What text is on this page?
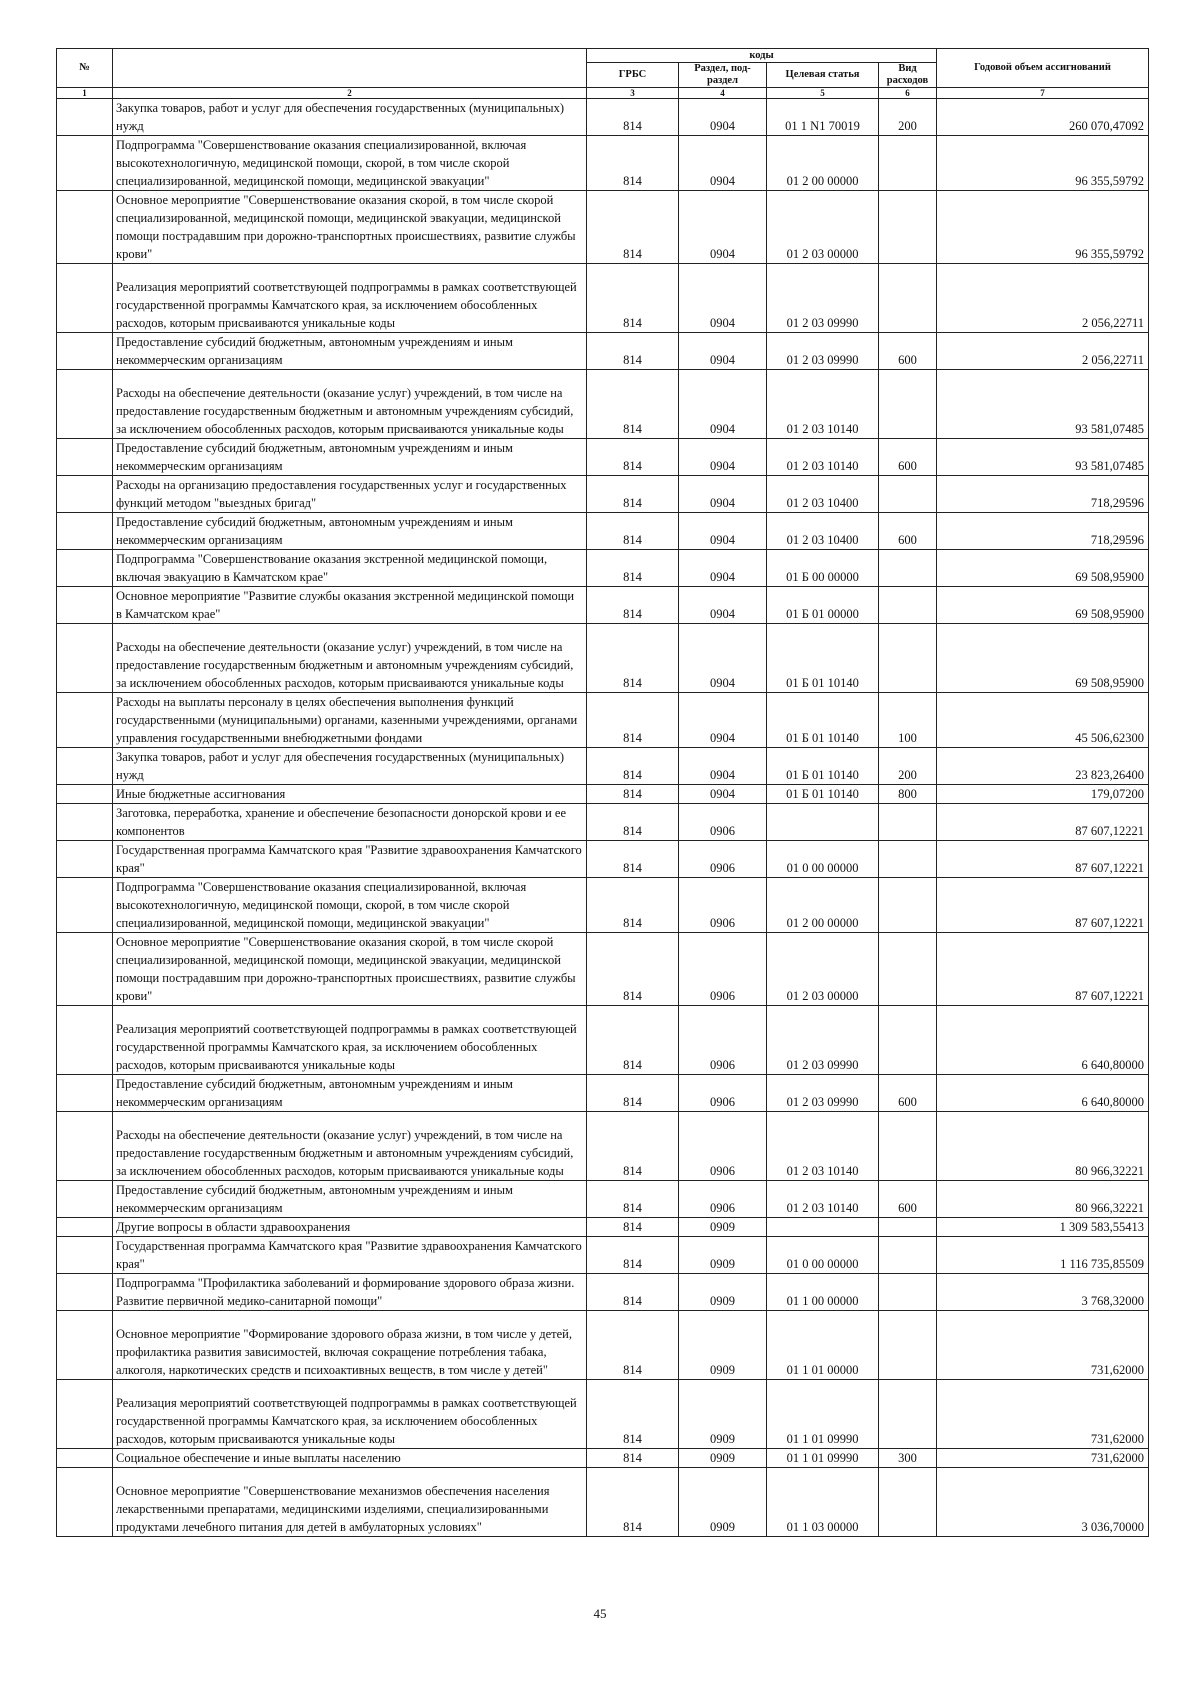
№		коды				Годовой объем ассигнований
		ГРБС	Раздел, под-раздел	Целевая статья	Вид расходов	
1	2	3	4	5	6	7
	Закупка товаров, работ и услуг для обеспечения государственных (муниципальных) нужд	814	0904	01 1 N1 70019	200	260 070,47092
	Подпрограмма "Совершенствование оказания специализированной, включая высокотехнологичную, медицинской помощи, скорой, в том числе скорой специализированной, медицинской помощи, медицинской эвакуации"	814	0904	01 2 00 00000		96 355,59792
	Основное мероприятие "Совершенствование оказания скорой, в том числе скорой специализированной, медицинской помощи, медицинской эвакуации, медицинской помощи пострадавшим при дорожно-транспортных происшествиях, развитие службы крови"	814	0904	01 2 03 00000		96 355,59792
	Реализация мероприятий соответствующей подпрограммы в рамках соответствующей государственной программы Камчатского края, за исключением обособленных расходов, которым присваиваются уникальные коды	814	0904	01 2 03 09990		2 056,22711
	Предоставление субсидий бюджетным, автономным учреждениям и иным некоммерческим организациям	814	0904	01 2 03 09990	600	2 056,22711
	Расходы на обеспечение деятельности (оказание услуг) учреждений, в том числе на предоставление государственным бюджетным и автономным учреждениям субсидий, за исключением обособленных расходов, которым присваиваются уникальные коды	814	0904	01 2 03 10140		93 581,07485
	Предоставление субсидий бюджетным, автономным учреждениям и иным некоммерческим организациям	814	0904	01 2 03 10140	600	93 581,07485
	Расходы на организацию предоставления государственных услуг и государственных функций методом "выездных бригад"	814	0904	01 2 03 10400		718,29596
	Предоставление субсидий бюджетным, автономным учреждениям и иным некоммерческим организациям	814	0904	01 2 03 10400	600	718,29596
	Подпрограмма "Совершенствование оказания экстренной медицинской помощи, включая эвакуацию в Камчатском крае"	814	0904	01 Б 00 00000		69 508,95900
	Основное мероприятие "Развитие службы оказания экстренной медицинской помощи в Камчатском крае"	814	0904	01 Б 01 00000		69 508,95900
	Расходы на обеспечение деятельности (оказание услуг) учреждений, в том числе на предоставление государственным бюджетным и автономным учреждениям субсидий, за исключением обособленных расходов, которым присваиваются уникальные коды	814	0904	01 Б 01 10140		69 508,95900
	Расходы на выплаты персоналу в целях обеспечения выполнения функций государственными (муниципальными) органами, казенными учреждениями, органами управления государственными внебюджетными фондами	814	0904	01 Б 01 10140	100	45 506,62300
	Закупка товаров, работ и услуг для обеспечения государственных (муниципальных) нужд	814	0904	01 Б 01 10140	200	23 823,26400
	Иные бюджетные ассигнования	814	0904	01 Б 01 10140	800	179,07200
	Заготовка, переработка, хранение и обеспечение безопасности донорской крови и ее компонентов	814	0906			87 607,12221
	Государственная программа Камчатского края "Развитие здравоохранения Камчатского края"	814	0906	01 0 00 00000		87 607,12221
	Подпрограмма "Совершенствование оказания специализированной, включая высокотехнологичную, медицинской помощи, скорой, в том числе скорой специализированной, медицинской помощи, медицинской эвакуации"	814	0906	01 2 00 00000		87 607,12221
	Основное мероприятие "Совершенствование оказания скорой, в том числе скорой специализированной, медицинской помощи, медицинской эвакуации, медицинской помощи пострадавшим при дорожно-транспортных происшествиях, развитие службы крови"	814	0906	01 2 03 00000		87 607,12221
	Реализация мероприятий соответствующей подпрограммы в рамках соответствующей государственной программы Камчатского края, за исключением обособленных расходов, которым присваиваются уникальные коды	814	0906	01 2 03 09990		6 640,80000
	Предоставление субсидий бюджетным, автономным учреждениям и иным некоммерческим организациям	814	0906	01 2 03 09990	600	6 640,80000
	Расходы на обеспечение деятельности (оказание услуг) учреждений, в том числе на предоставление государственным бюджетным и автономным учреждениям субсидий, за исключением обособленных расходов, которым присваиваются уникальные коды	814	0906	01 2 03 10140		80 966,32221
	Предоставление субсидий бюджетным, автономным учреждениям и иным некоммерческим организациям	814	0906	01 2 03 10140	600	80 966,32221
	Другие вопросы в области здравоохранения	814	0909			1 309 583,55413
	Государственная программа Камчатского края "Развитие здравоохранения Камчатского края"	814	0909	01 0 00 00000		1 116 735,85509
	Подпрограмма "Профилактика заболеваний и формирование здорового образа жизни. Развитие первичной медико-санитарной помощи"	814	0909	01 1 00 00000		3 768,32000
	Основное мероприятие "Формирование здорового образа жизни, в том числе у детей, профилактика развития зависимостей, включая сокращение потребления табака, алкоголя, наркотических средств и психоактивных веществ, в том числе у детей"	814	0909	01 1 01 00000		731,62000
	Реализация мероприятий соответствующей подпрограммы в рамках соответствующей государственной программы Камчатского края, за исключением обособленных расходов, которым присваиваются уникальные коды	814	0909	01 1 01 09990		731,62000
	Социальное обеспечение и иные выплаты населению	814	0909	01 1 01 09990	300	731,62000
	Основное мероприятие "Совершенствование механизмов обеспечения населения лекарственными препаратами, медицинскими изделиями, специализированными продуктами лечебного питания для детей в амбулаторных условиях"	814	0909	01 1 03 00000		3 036,70000
45
